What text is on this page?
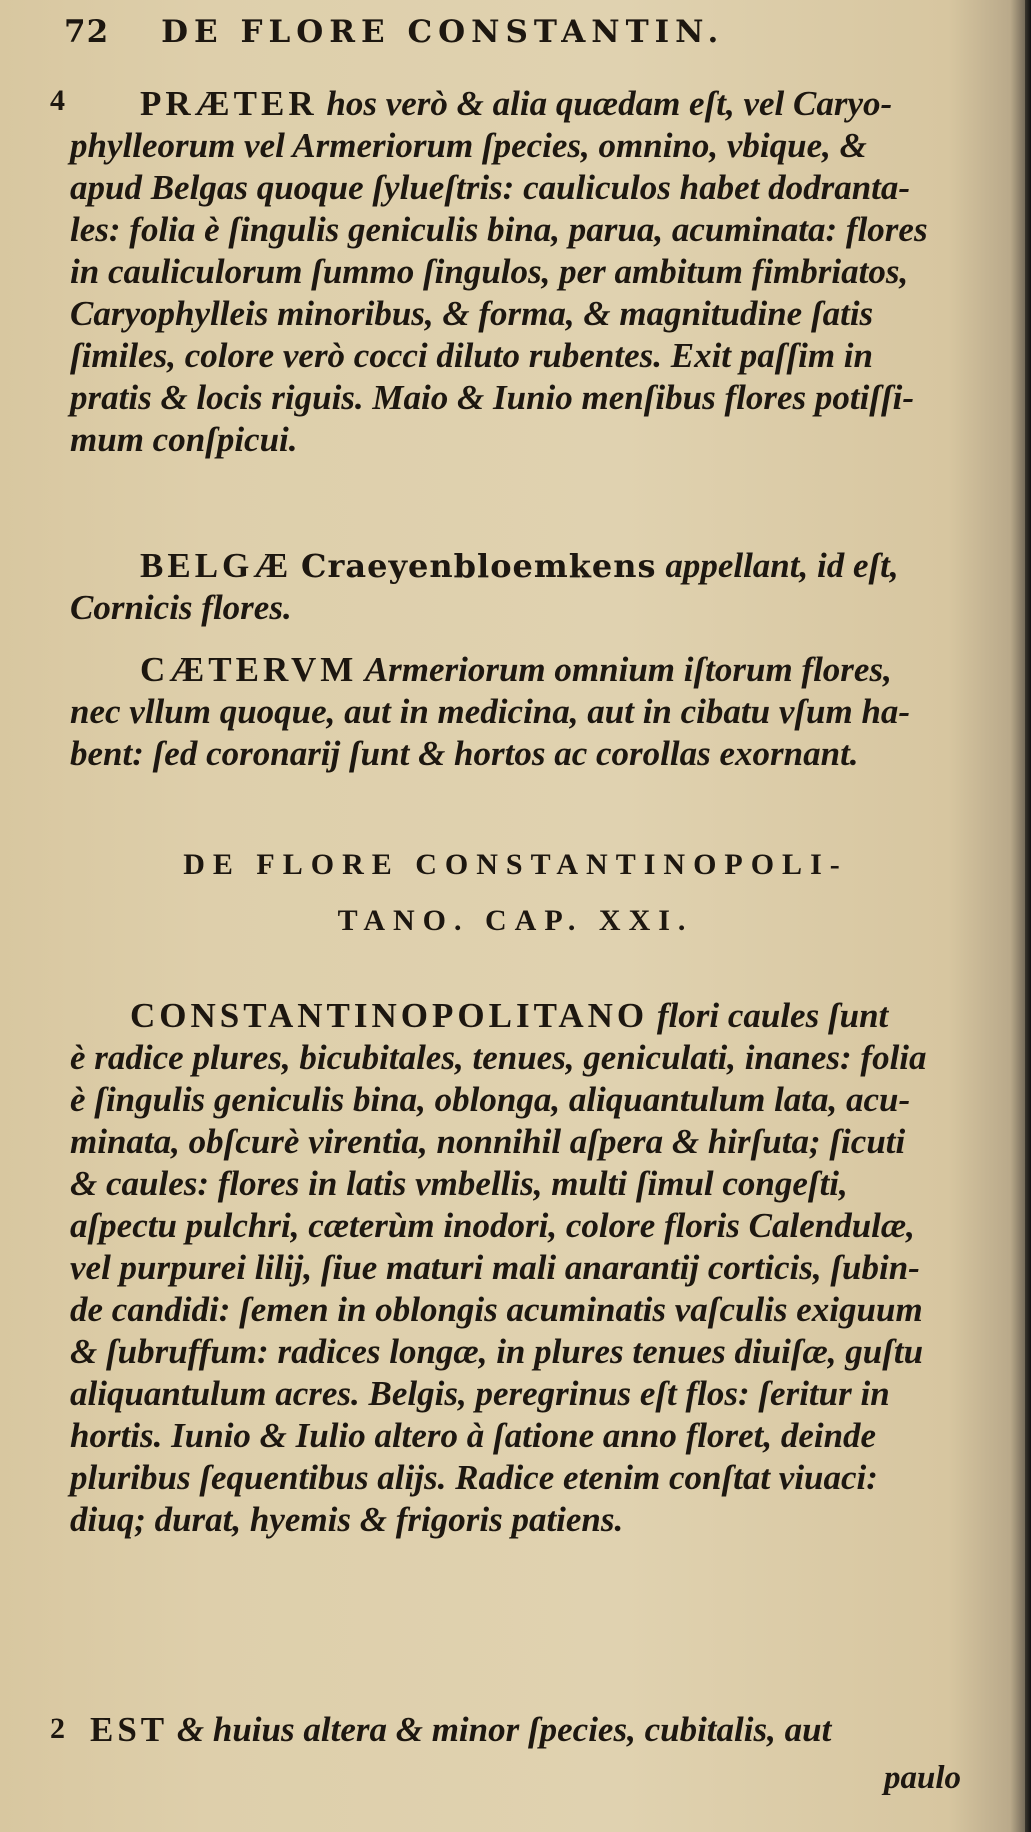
72 DE FLORE CONSTANTIN.
4
2
PRÆTER hos verò & alia quædam eſt, vel Caryo-
phylleorum vel Armeriorum ſpecies, omnino, vbique, &
apud Belgas quoque ſylueſtris: cauliculos habet dodranta-
les: folia è ſingulis geniculis bina, parua, acuminata: flores
in cauliculorum ſummo ſingulos, per ambitum fimbriatos,
Caryophylleis minoribus, & forma, & magnitudine ſatis
ſimiles, colore verò cocci diluto rubentes. Exit paſſim in
pratis & locis riguis. Maio & Iunio menſibus flores potiſſi-
mum conſpicui.
BELGÆ Craeyenbloemkens appellant, id eſt,
Cornicis flores.
CÆTERVM Armeriorum omnium iſtorum flores,
nec vllum quoque, aut in medicina, aut in cibatu vſum ha-
bent: ſed coronarij ſunt & hortos ac corollas exornant.
DE FLORE CONSTANTINOPOLI-
TANO. CAP. XXI.
CONSTANTINOPOLITANO flori caules ſunt
è radice plures, bicubitales, tenues, geniculati, inanes: folia
è ſingulis geniculis bina, oblonga, aliquantulum lata, acu-
minata, obſcurè virentia, nonnihil aſpera & hirſuta; ſicuti
& caules: flores in latis vmbellis, multi ſimul congeſti,
aſpectu pulchri, cæterùm inodori, colore floris Calendulæ,
vel purpurei lilij, ſiue maturi mali anarantij corticis, ſubin-
de candidi: ſemen in oblongis acuminatis vaſculis exiguum
& ſubruffum: radices longæ, in plures tenues diuiſæ, guſtu
aliquantulum acres. Belgis, peregrinus eſt flos: ſeritur in
hortis. Iunio & Iulio altero à ſatione anno floret, deinde
pluribus ſequentibus alijs. Radice etenim conſtat viuaci:
diuq; durat, hyemis & frigoris patiens.
EST & huius altera & minor ſpecies, cubitalis, aut
paulo
